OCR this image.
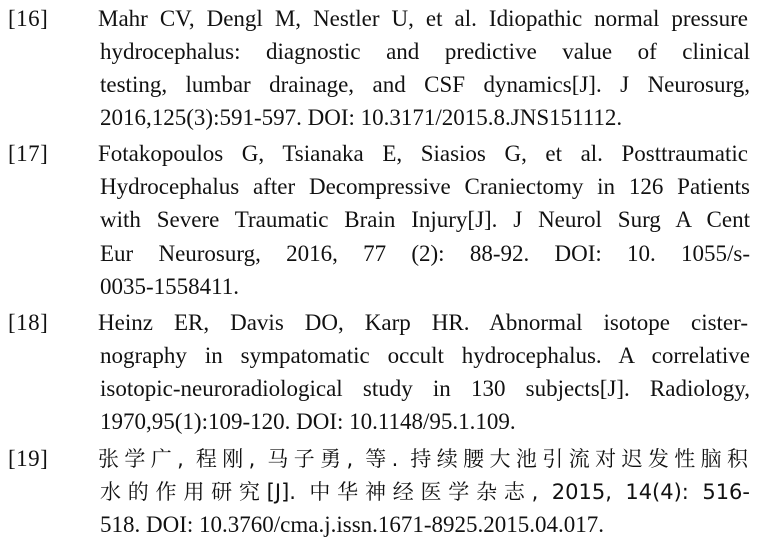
[16] Mahr CV, Dengl M, Nestler U, et al. Idiopathic normal pressure
hydrocephalus: diagnostic and predictive value of clinical
testing, lumbar drainage, and CSF dynamics[J]. J Neurosurg,
2016,125(3):591-597. DOI: 10.3171/2015.8.JNS151112.
[17] Fotakopoulos G, Tsianaka E, Siasios G, et al. Posttraumatic
Hydrocephalus after Decompressive Craniectomy in 126 Patients
with Severe Traumatic Brain Injury[J]. J Neurol Surg A Cent
Eur Neurosurg, 2016, 77 (2): 88-92. DOI: 10. 1055/s-
0035-1558411.
[18] Heinz ER, Davis DO, Karp HR. Abnormal isotope cister-
nography in sympatomatic occult hydrocephalus. A correlative
isotopic-neuroradiological study in 130 subjects[J]. Radiology,
1970,95(1):109-120. DOI: 10.1148/95.1.109.
[19] 张学广, 程刚, 马子勇, 等. 持续腰大池引流对迟发性脑积
水的作用研究[J]. 中华神经医学杂志, 2015, 14(4): 516-
518. DOI: 10.3760/cma.j.issn.1671-8925.2015.04.017.
